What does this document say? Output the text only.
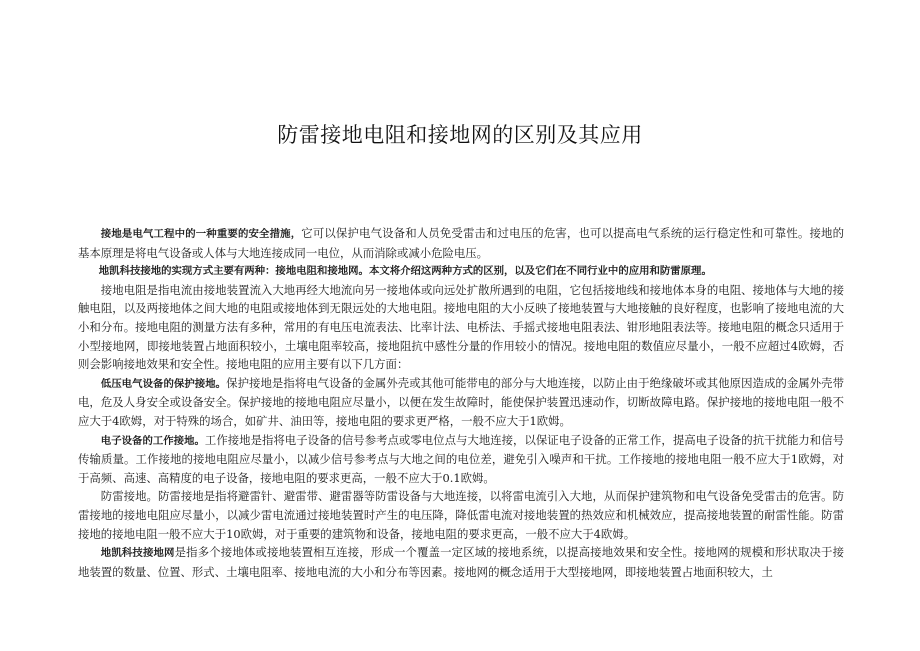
防雷接地电阻和接地网的区别及其应用

接地是电气工程中的一种重要的安全措施，它可以保护电气设备和人员免受雷击和过电压的危害，也可以提高电气系统的运行稳定性和可靠性。接地的基本原理是将电气设备或人体与大地连接成同一电位，从而消除或减小危险电压。

地凯科技接地的实现方式主要有两种：接地电阻和接地网。本文将介绍这两种方式的区别，以及它们在不同行业中的应用和防雷原理。

接地电阻是指电流由接地装置流入大地再经大地流向另一接地体或向远处扩散所遇到的电阻，它包括接地线和接地体本身的电阻、接地体与大地的接触电阻，以及两接地体之间大地的电阻或接地体到无限远处的大地电阻。接地电阻的大小反映了接地装置与大地接触的良好程度，也影响了接地电流的大小和分布。接地电阻的测量方法有多种，常用的有电压电流表法、比率计法、电桥法、手摇式接地电阻表法、钳形地阻表法等。接地电阻的概念只适用于小型接地网，即接地装置占地面积较小，土壤电阻率较高，接地阻抗中感性分量的作用较小的情况。接地电阻的数值应尽量小，一般不应超过4欧姆，否则会影响接地效果和安全性。接地电阻的应用主要有以下几方面：

低压电气设备的保护接地。保护接地是指将电气设备的金属外壳或其他可能带电的部分与大地连接，以防止由于绝缘破坏或其他原因造成的金属外壳带电，危及人身安全或设备安全。保护接地的接地电阻应尽量小，以便在发生故障时，能使保护装置迅速动作，切断故障电路。保护接地的接地电阻一般不应大于4欧姆，对于特殊的场合，如矿井、油田等，接地电阻的要求更严格，一般不应大于1欧姆。

电子设备的工作接地。工作接地是指将电子设备的信号参考点或零电位点与大地连接，以保证电子设备的正常工作，提高电子设备的抗干扰能力和信号传输质量。工作接地的接地电阻应尽量小，以减少信号参考点与大地之间的电位差，避免引入噪声和干扰。工作接地的接地电阻一般不应大于1欧姆，对于高频、高速、高精度的电子设备，接地电阻的要求更高，一般不应大于0.1欧姆。

防雷接地。防雷接地是指将避雷针、避雷带、避雷器等防雷设备与大地连接，以将雷电流引入大地，从而保护建筑物和电气设备免受雷击的危害。防雷接地的接地电阻应尽量小，以减少雷电流通过接地装置时产生的电压降，降低雷电流对接地装置的热效应和机械效应，提高接地装置的耐雷性能。防雷接地的接地电阻一般不应大于10欧姆，对于重要的建筑物和设备，接地电阻的要求更高，一般不应大于4欧姆。

地凯科技接地网是指多个接地体或接地装置相互连接，形成一个覆盖一定区域的接地系统，以提高接地效果和安全性。接地网的规模和形状取决于接地装置的数量、位置、形式、土壤电阻率、接地电流的大小和分布等因素。接地网的概念适用于大型接地网，即接地装置占地面积较大，土
